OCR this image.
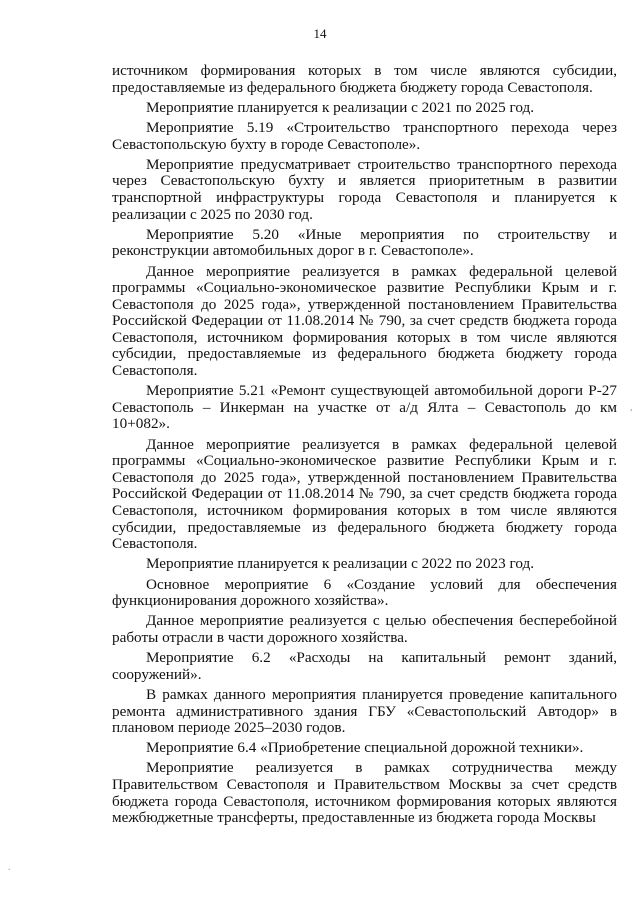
14

источником формирования которых в том числе являются субсидии, предоставляемые из федерального бюджета бюджету города Севастополя.

Мероприятие планируется к реализации с 2021 по 2025 год.

Мероприятие 5.19 «Строительство транспортного перехода через Севастопольскую бухту в городе Севастополе».

Мероприятие предусматривает строительство транспортного перехода через Севастопольскую бухту и является приоритетным в развитии транспортной инфраструктуры города Севастополя и планируется к реализации с 2025 по 2030 год.

Мероприятие 5.20 «Иные мероприятия по строительству и реконструкции автомобильных дорог в г. Севастополе».

Данное мероприятие реализуется в рамках федеральной целевой программы «Социально-экономическое развитие Республики Крым и г. Севастополя до 2025 года», утвержденной постановлением Правительства Российской Федерации от 11.08.2014 № 790, за счет средств бюджета города Севастополя, источником формирования которых в том числе являются субсидии, предоставляемые из федерального бюджета бюджету города Севастополя.

Мероприятие 5.21 «Ремонт существующей автомобильной дороги Р-27 Севастополь – Инкерман на участке от а/д Ялта – Севастополь до км 10+082».

Данное мероприятие реализуется в рамках федеральной целевой программы «Социально-экономическое развитие Республики Крым и г. Севастополя до 2025 года», утвержденной постановлением Правительства Российской Федерации от 11.08.2014 № 790, за счет средств бюджета города Севастополя, источником формирования которых в том числе являются субсидии, предоставляемые из федерального бюджета бюджету города Севастополя.

Мероприятие планируется к реализации с 2022 по 2023 год.

Основное мероприятие 6 «Создание условий для обеспечения функционирования дорожного хозяйства».

Данное мероприятие реализуется с целью обеспечения бесперебойной работы отрасли в части дорожного хозяйства.

Мероприятие 6.2 «Расходы на капитальный ремонт зданий, сооружений».

В рамках данного мероприятия планируется проведение капитального ремонта административного здания ГБУ «Севастопольский Автодор» в плановом периоде 2025–2030 годов.

Мероприятие 6.4 «Приобретение специальной дорожной техники».

Мероприятие реализуется в рамках сотрудничества между Правительством Севастополя и Правительством Москвы за счет средств бюджета города Севастополя, источником формирования которых являются межбюджетные трансферты, предоставленные из бюджета города Москвы

,
.
